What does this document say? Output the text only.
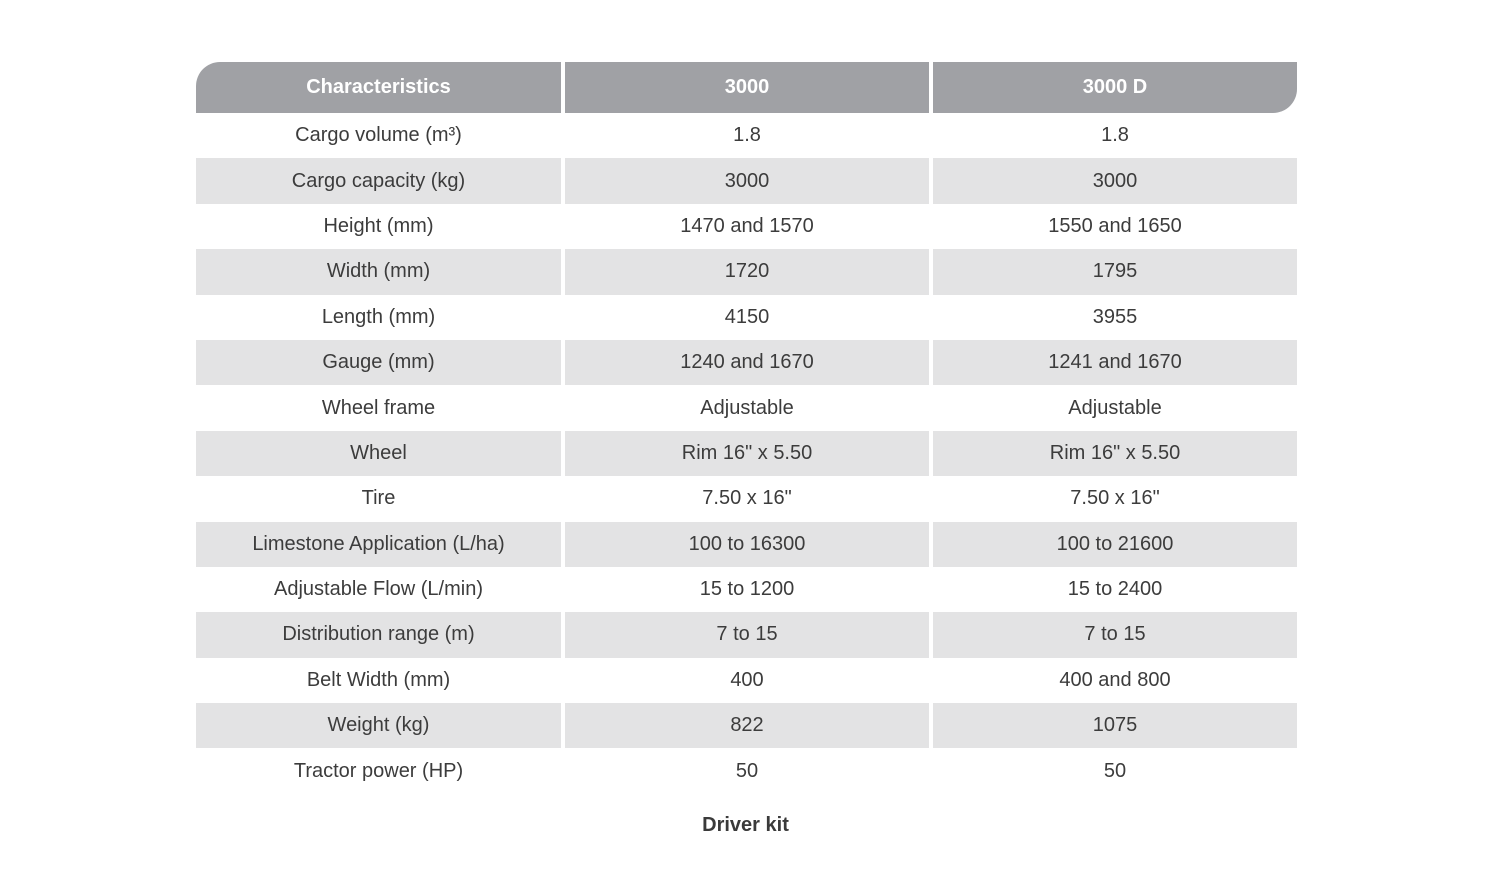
Characteristics	3000	3000 D
Cargo volume (m³)	1.8	1.8
Cargo capacity (kg)	3000	3000
Height (mm)	1470 and 1570	1550 and 1650
Width (mm)	1720	1795
Length (mm)	4150	3955
Gauge (mm)	1240 and 1670	1241 and 1670
Wheel frame	Adjustable	Adjustable
Wheel	Rim 16" x 5.50	Rim 16" x 5.50
Tire	7.50 x 16"	7.50 x 16"
Limestone Application (L/ha)	100 to 16300	100 to 21600
Adjustable Flow (L/min)	15 to 1200	15 to 2400
Distribution range (m)	7 to 15	7 to 15
Belt Width (mm)	400	400 and 800
Weight (kg)	822	1075
Tractor power (HP)	50	50
Driver kit
